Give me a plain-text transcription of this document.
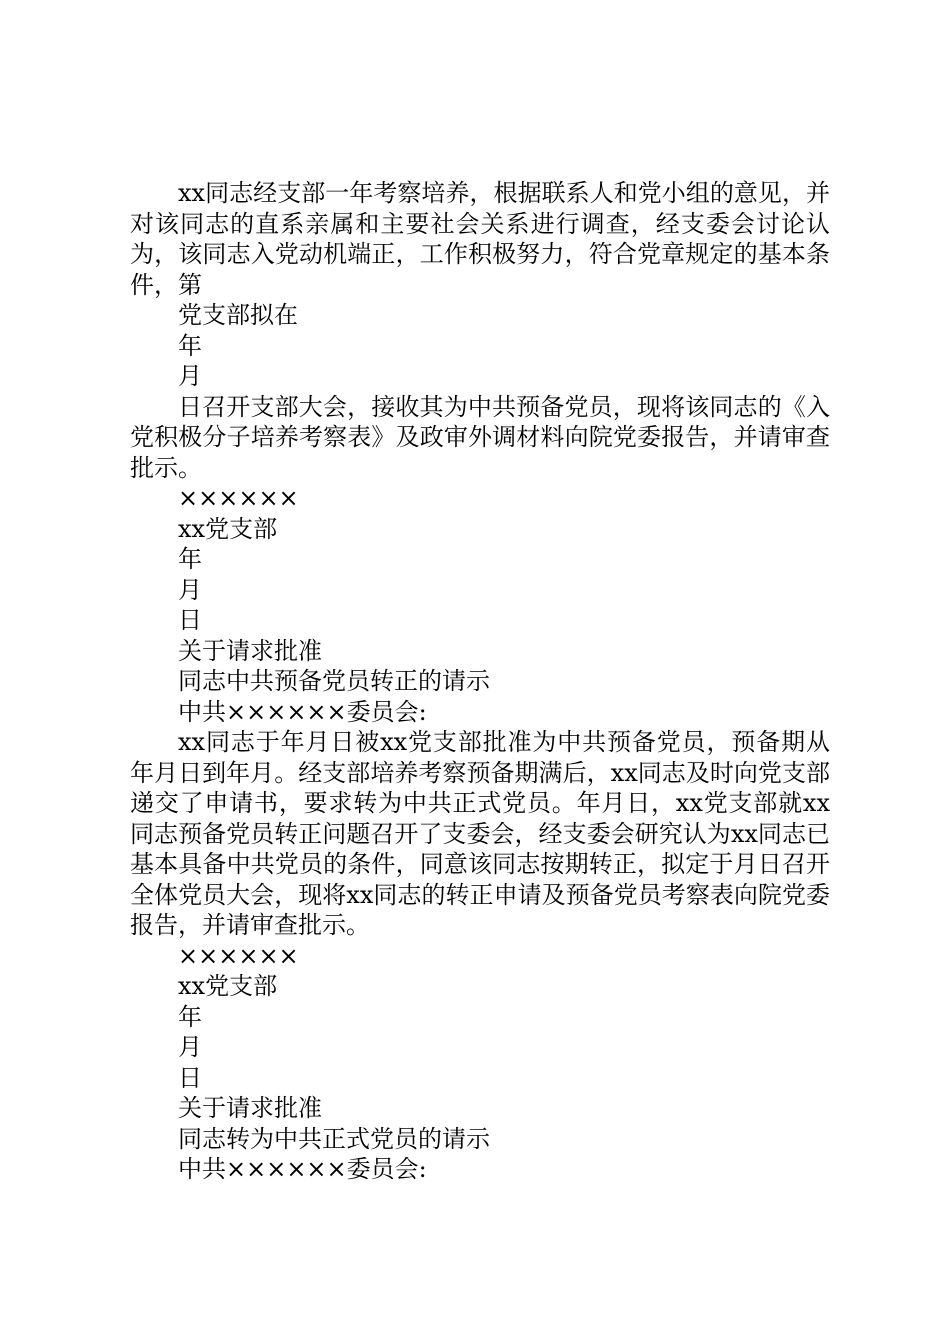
xx同志经支部一年考察培养，根据联系人和党小组的意见，并对该同志的直系亲属和主要社会关系进行调查，经支委会讨论认为，该同志入党动机端正，工作积极努力，符合党章规定的基本条件，第

党支部拟在

年

月

日召开支部大会，接收其为中共预备党员，现将该同志的《入党积极分子培养考察表》及政审外调材料向院党委报告，并请审查批示。

××××××

xx党支部

年

月

日

关于请求批准

同志中共预备党员转正的请示

中共××××××委员会:

xx同志于年月日被xx党支部批准为中共预备党员，预备期从年月日到年月。经支部培养考察预备期满后，xx同志及时向党支部递交了申请书，要求转为中共正式党员。年月日，xx党支部就xx同志预备党员转正问题召开了支委会，经支委会研究认为xx同志已基本具备中共党员的条件，同意该同志按期转正，拟定于月日召开全体党员大会，现将xx同志的转正申请及预备党员考察表向院党委报告，并请审查批示。

××××××

xx党支部

年

月

日

关于请求批准

同志转为中共正式党员的请示

中共××××××委员会:
